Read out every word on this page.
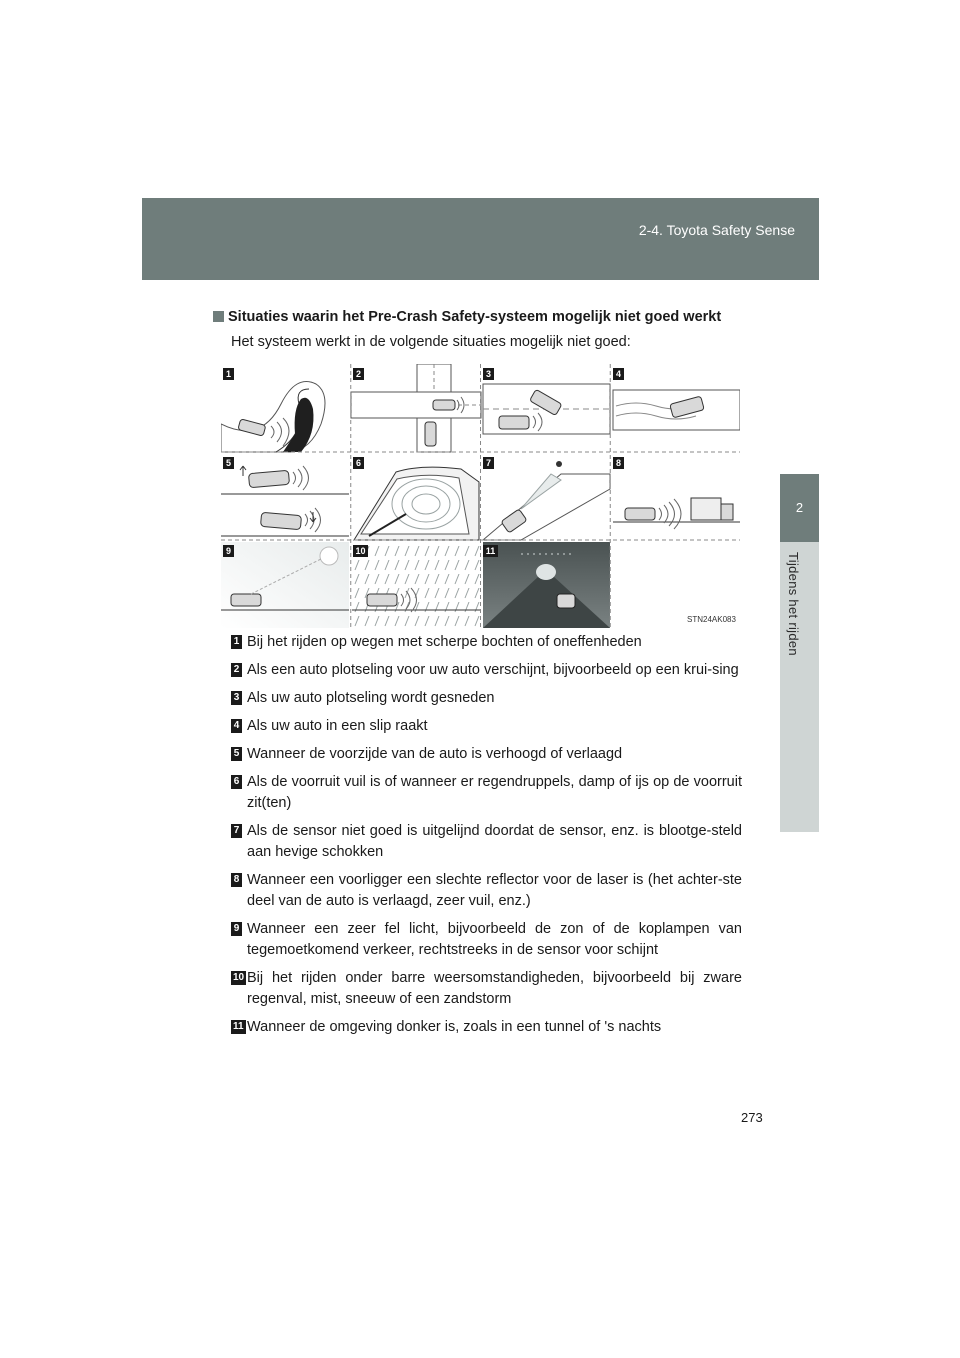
2-4. Toyota Safety Sense
2
Tijdens het rijden
Situaties waarin het Pre-Crash Safety-systeem mogelijk niet goed werkt
Het systeem werkt in de volgende situaties mogelijk niet goed:
STN24AK083
1	2	3	4
5	6	7	8
9	10	11
1 Bij het rijden op wegen met scherpe bochten of oneffenheden
2 Als een auto plotseling voor uw auto verschijnt, bijvoorbeeld op een krui-sing
3 Als uw auto plotseling wordt gesneden
4 Als uw auto in een slip raakt
5 Wanneer de voorzijde van de auto is verhoogd of verlaagd
6 Als de voorruit vuil is of wanneer er regendruppels, damp of ijs op de voorruit zit(ten)
7 Als de sensor niet goed is uitgelijnd doordat de sensor, enz. is blootge-steld aan hevige schokken
8 Wanneer een voorligger een slechte reflector voor de laser is (het achter-ste deel van de auto is verlaagd, zeer vuil, enz.)
9 Wanneer een zeer fel licht, bijvoorbeeld de zon of de koplampen van tegemoetkomend verkeer, rechtstreeks in de sensor voor schijnt
10 Bij het rijden onder barre weersomstandigheden, bijvoorbeeld bij zware regenval, mist, sneeuw of een zandstorm
11 Wanneer de omgeving donker is, zoals in een tunnel of 's nachts
273
